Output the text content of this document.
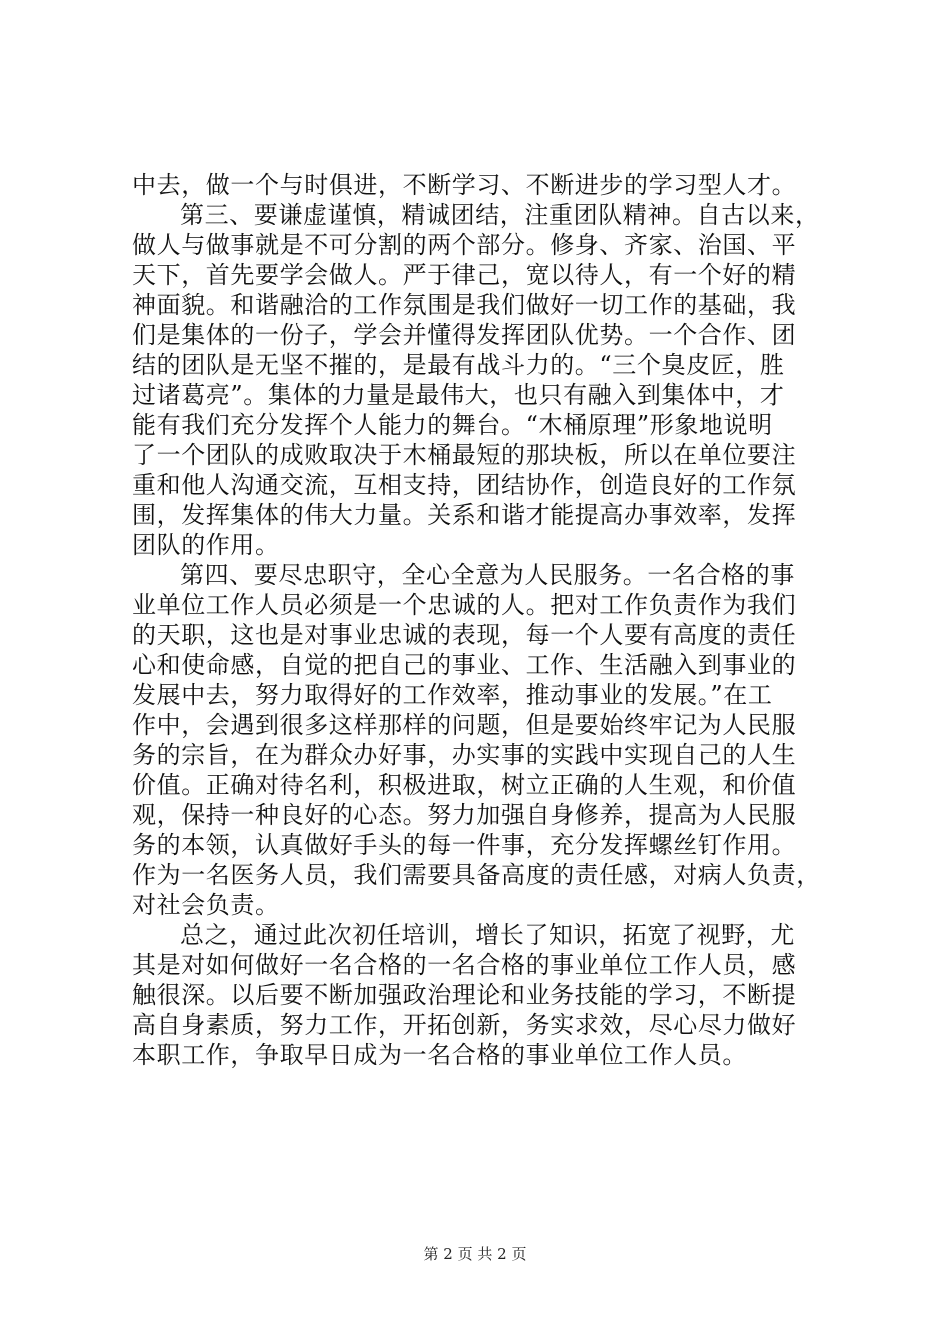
中去，做一个与时俱进，不断学习、不断进步的学习型人才。
第三、要谦虚谨慎，精诚团结，注重团队精神。自古以来，
做人与做事就是不可分割的两个部分。修身、齐家、治国、平
天下，首先要学会做人。严于律己，宽以待人，有一个好的精
神面貌。和谐融洽的工作氛围是我们做好一切工作的基础，我
们是集体的一份子，学会并懂得发挥团队优势。一个合作、团
结的团队是无坚不摧的，是最有战斗力的。“三个臭皮匠，胜
过诸葛亮”。集体的力量是最伟大，也只有融入到集体中，才
能有我们充分发挥个人能力的舞台。“木桶原理”形象地说明
了一个团队的成败取决于木桶最短的那块板，所以在单位要注
重和他人沟通交流，互相支持，团结协作，创造良好的工作氛
围，发挥集体的伟大力量。关系和谐才能提高办事效率，发挥
团队的作用。
第四、要尽忠职守，全心全意为人民服务。一名合格的事
业单位工作人员必须是一个忠诚的人。把对工作负责作为我们
的天职，这也是对事业忠诚的表现，每一个人要有高度的责任
心和使命感，自觉的把自己的事业、工作、生活融入到事业的
发展中去，努力取得好的工作效率，推动事业的发展。”在工
作中，会遇到很多这样那样的问题，但是要始终牢记为人民服
务的宗旨，在为群众办好事，办实事的实践中实现自己的人生
价值。正确对待名利，积极进取，树立正确的人生观，和价值
观，保持一种良好的心态。努力加强自身修养，提高为人民服
务的本领，认真做好手头的每一件事，充分发挥螺丝钉作用。
作为一名医务人员，我们需要具备高度的责任感，对病人负责，
对社会负责。
总之，通过此次初任培训，增长了知识，拓宽了视野，尤
其是对如何做好一名合格的一名合格的事业单位工作人员，感
触很深。以后要不断加强政治理论和业务技能的学习，不断提
高自身素质，努力工作，开拓创新，务实求效，尽心尽力做好
本职工作，争取早日成为一名合格的事业单位工作人员。
第 2 页 共 2 页
